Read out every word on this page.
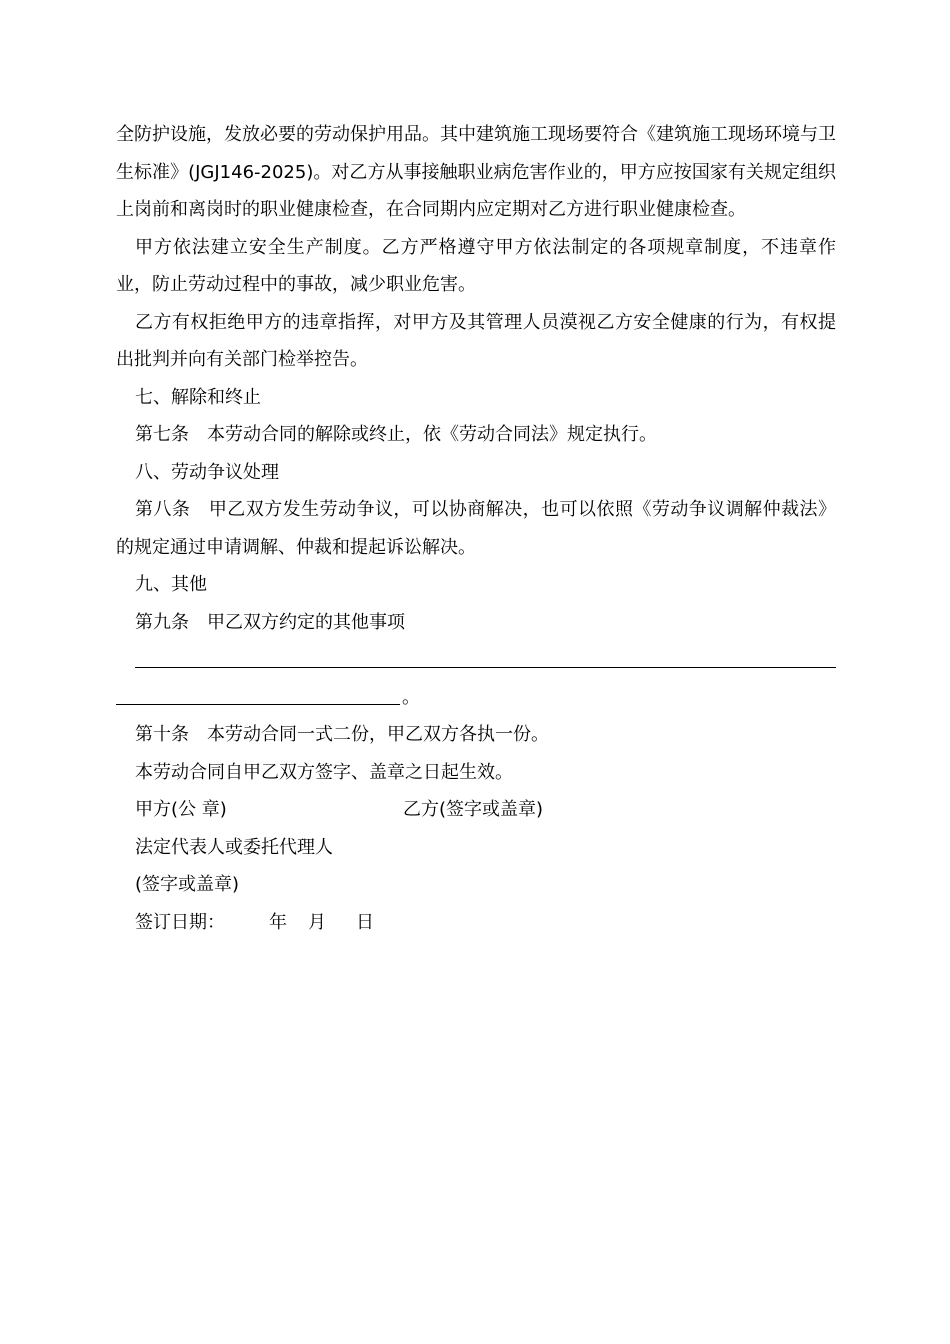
全防护设施，发放必要的劳动保护用品。其中建筑施工现场要符合《建筑施工现场环境与卫生标准》(JGJ146-2025)。对乙方从事接触职业病危害作业的，甲方应按国家有关规定组织上岗前和离岗时的职业健康检查，在合同期内应定期对乙方进行职业健康检查。

甲方依法建立安全生产制度。乙方严格遵守甲方依法制定的各项规章制度，不违章作业，防止劳动过程中的事故，减少职业危害。

乙方有权拒绝甲方的违章指挥，对甲方及其管理人员漠视乙方安全健康的行为，有权提出批判并向有关部门检举控告。

七、解除和终止

第七条　本劳动合同的解除或终止，依《劳动合同法》规定执行。

八、劳动争议处理

第八条　甲乙双方发生劳动争议，可以协商解决，也可以依照《劳动争议调解仲裁法》的规定通过申请调解、仲裁和提起诉讼解决。

九、其他

第九条　甲乙双方约定的其他事项

。

第十条　本劳动合同一式二份，甲乙双方各执一份。

本劳动合同自甲乙双方签字、盖章之日起生效。

甲方(公 章)	乙方(签字或盖章)

法定代表人或委托代理人

(签字或盖章)

签订日期： 年 月 日
